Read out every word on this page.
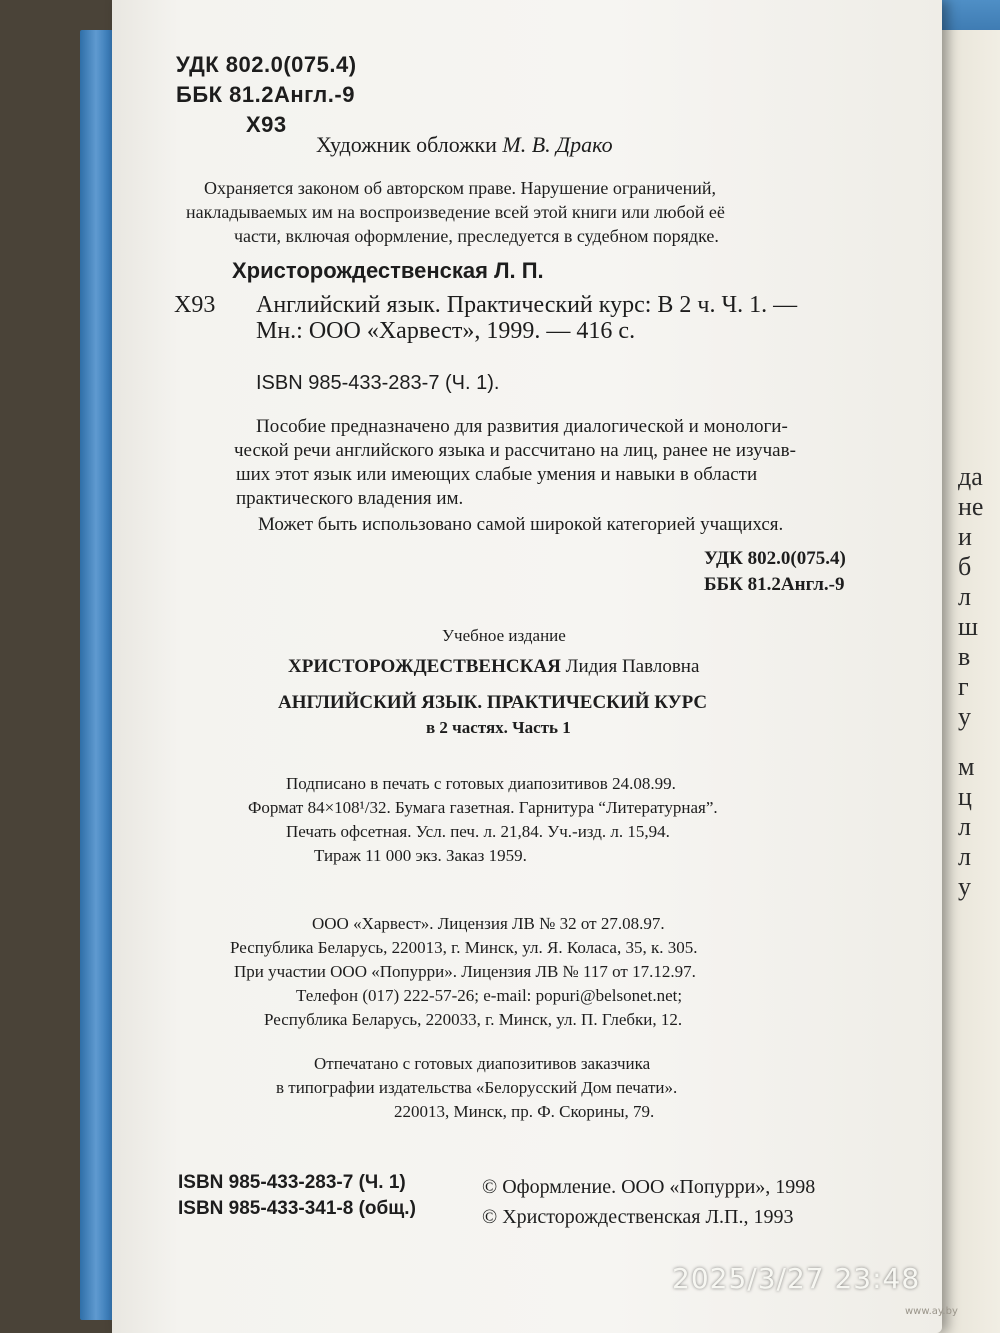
да
не
и
б
л
ш
в
г
у
м
ц
л
л
у
УДК 802.0(075.4)
ББК 81.2Англ.-9
Х93
Художник обложки М. В. Драко
Охраняется законом об авторском праве. Нарушение ограничений,
накладываемых им на воспроизведение всей этой книги или любой её
части, включая оформление, преследуется в судебном порядке.
Христорождественская Л. П.
Х93 Английский язык. Практический курс: В 2 ч. Ч. 1. —
Мн.: ООО «Харвест», 1999. — 416 с.
ISBN 985-433-283-7 (Ч. 1).
Пособие предназначено для развития диалогической и монологи-
ческой речи английского языка и рассчитано на лиц, ранее не изучав-
ших этот язык или имеющих слабые умения и навыки в области
практического владения им.
Может быть использовано самой широкой категорией учащихся.
УДК 802.0(075.4)
ББК 81.2Англ.-9
Учебное издание
ХРИСТОРОЖДЕСТВЕНСКАЯ Лидия Павловна
АНГЛИЙСКИЙ ЯЗЫК. ПРАКТИЧЕСКИЙ КУРС
в 2 частях. Часть 1
Подписано в печать с готовых диапозитивов 24.08.99.
Формат 84×108¹/32. Бумага газетная. Гарнитура “Литературная”.
Печать офсетная. Усл. печ. л. 21,84. Уч.-изд. л. 15,94.
Тираж 11 000 экз. Заказ 1959.
ООО «Харвест». Лицензия ЛВ № 32 от 27.08.97.
Республика Беларусь, 220013, г. Минск, ул. Я. Коласа, 35, к. 305.
При участии ООО «Попурри». Лицензия ЛВ № 117 от 17.12.97.
Телефон (017) 222-57-26; e-mail: popuri@belsonet.net;
Республика Беларусь, 220033, г. Минск, ул. П. Глебки, 12.
Отпечатано с готовых диапозитивов заказчика
в типографии издательства «Белорусский Дом печати».
220013, Минск, пр. Ф. Скорины, 79.
ISBN 985-433-283-7 (Ч. 1)
ISBN 985-433-341-8 (общ.)
© Оформление. ООО «Попурри», 1998
© Христорождественская Л.П., 1993
2025/3/27 23:48
www.ay.by
